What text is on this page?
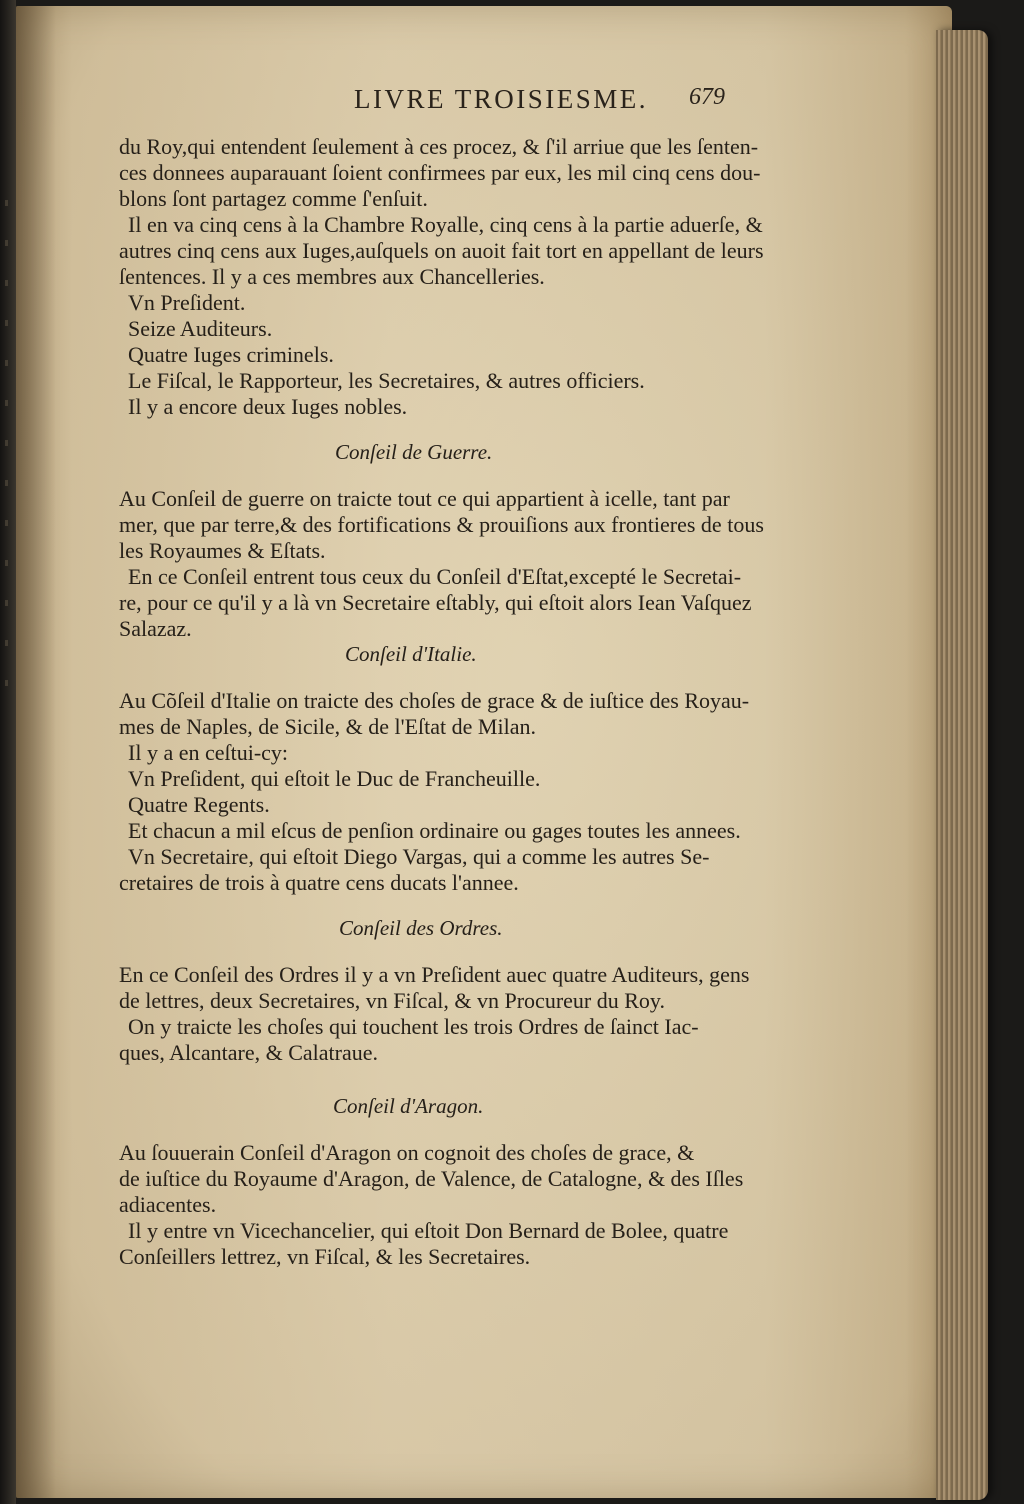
LIVRE TROISIESME.	679
du Roy,qui entendent ſeulement à ces procez, & ſ'il arriue que les ſenten-
ces donnees auparauant ſoient confirmees par eux, les mil cinq cens dou-
blons ſont partagez comme ſ'enſuit.
Il en va cinq cens à la Chambre Royalle, cinq cens à la partie aduerſe, &
autres cinq cens aux Iuges,auſquels on auoit fait tort en appellant de leurs
ſentences. Il y a ces membres aux Chancelleries.
Vn Preſident.
Seize Auditeurs.
Quatre Iuges criminels.
Le Fiſcal, le Rapporteur, les Secretaires, & autres officiers.
Il y a encore deux Iuges nobles.
Conſeil de Guerre.
Au Conſeil de guerre on traicte tout ce qui appartient à icelle, tant par
mer, que par terre,& des fortifications & prouiſions aux frontieres de tous
les Royaumes & Eſtats.
En ce Conſeil entrent tous ceux du Conſeil d'Eſtat,excepté le Secretai-
re, pour ce qu'il y a là vn Secretaire eſtably, qui eſtoit alors Iean Vaſquez
Salazaz.
Conſeil d'Italie.
Au Cõſeil d'Italie on traicte des choſes de grace & de iuſtice des Royau-
mes de Naples, de Sicile, & de l'Eſtat de Milan.
Il y a en ceſtui-cy:
Vn Preſident, qui eſtoit le Duc de Francheuille.
Quatre Regents.
Et chacun a mil eſcus de penſion ordinaire ou gages toutes les annees.
Vn Secretaire, qui eſtoit Diego Vargas, qui a comme les autres Se-
cretaires de trois à quatre cens ducats l'annee.
Conſeil des Ordres.
En ce Conſeil des Ordres il y a vn Preſident auec quatre Auditeurs, gens
de lettres, deux Secretaires, vn Fiſcal, & vn Procureur du Roy.
On y traicte les choſes qui touchent les trois Ordres de ſainct Iac-
ques, Alcantare, & Calatraue.
Conſeil d'Aragon.
Au ſouuerain Conſeil d'Aragon on cognoit des choſes de grace, &
de iuſtice du Royaume d'Aragon, de Valence, de Catalogne, & des Iſles
adiacentes.
Il y entre vn Vicechancelier, qui eſtoit Don Bernard de Bolee, quatre
Conſeillers lettrez, vn Fiſcal, & les Secretaires.
